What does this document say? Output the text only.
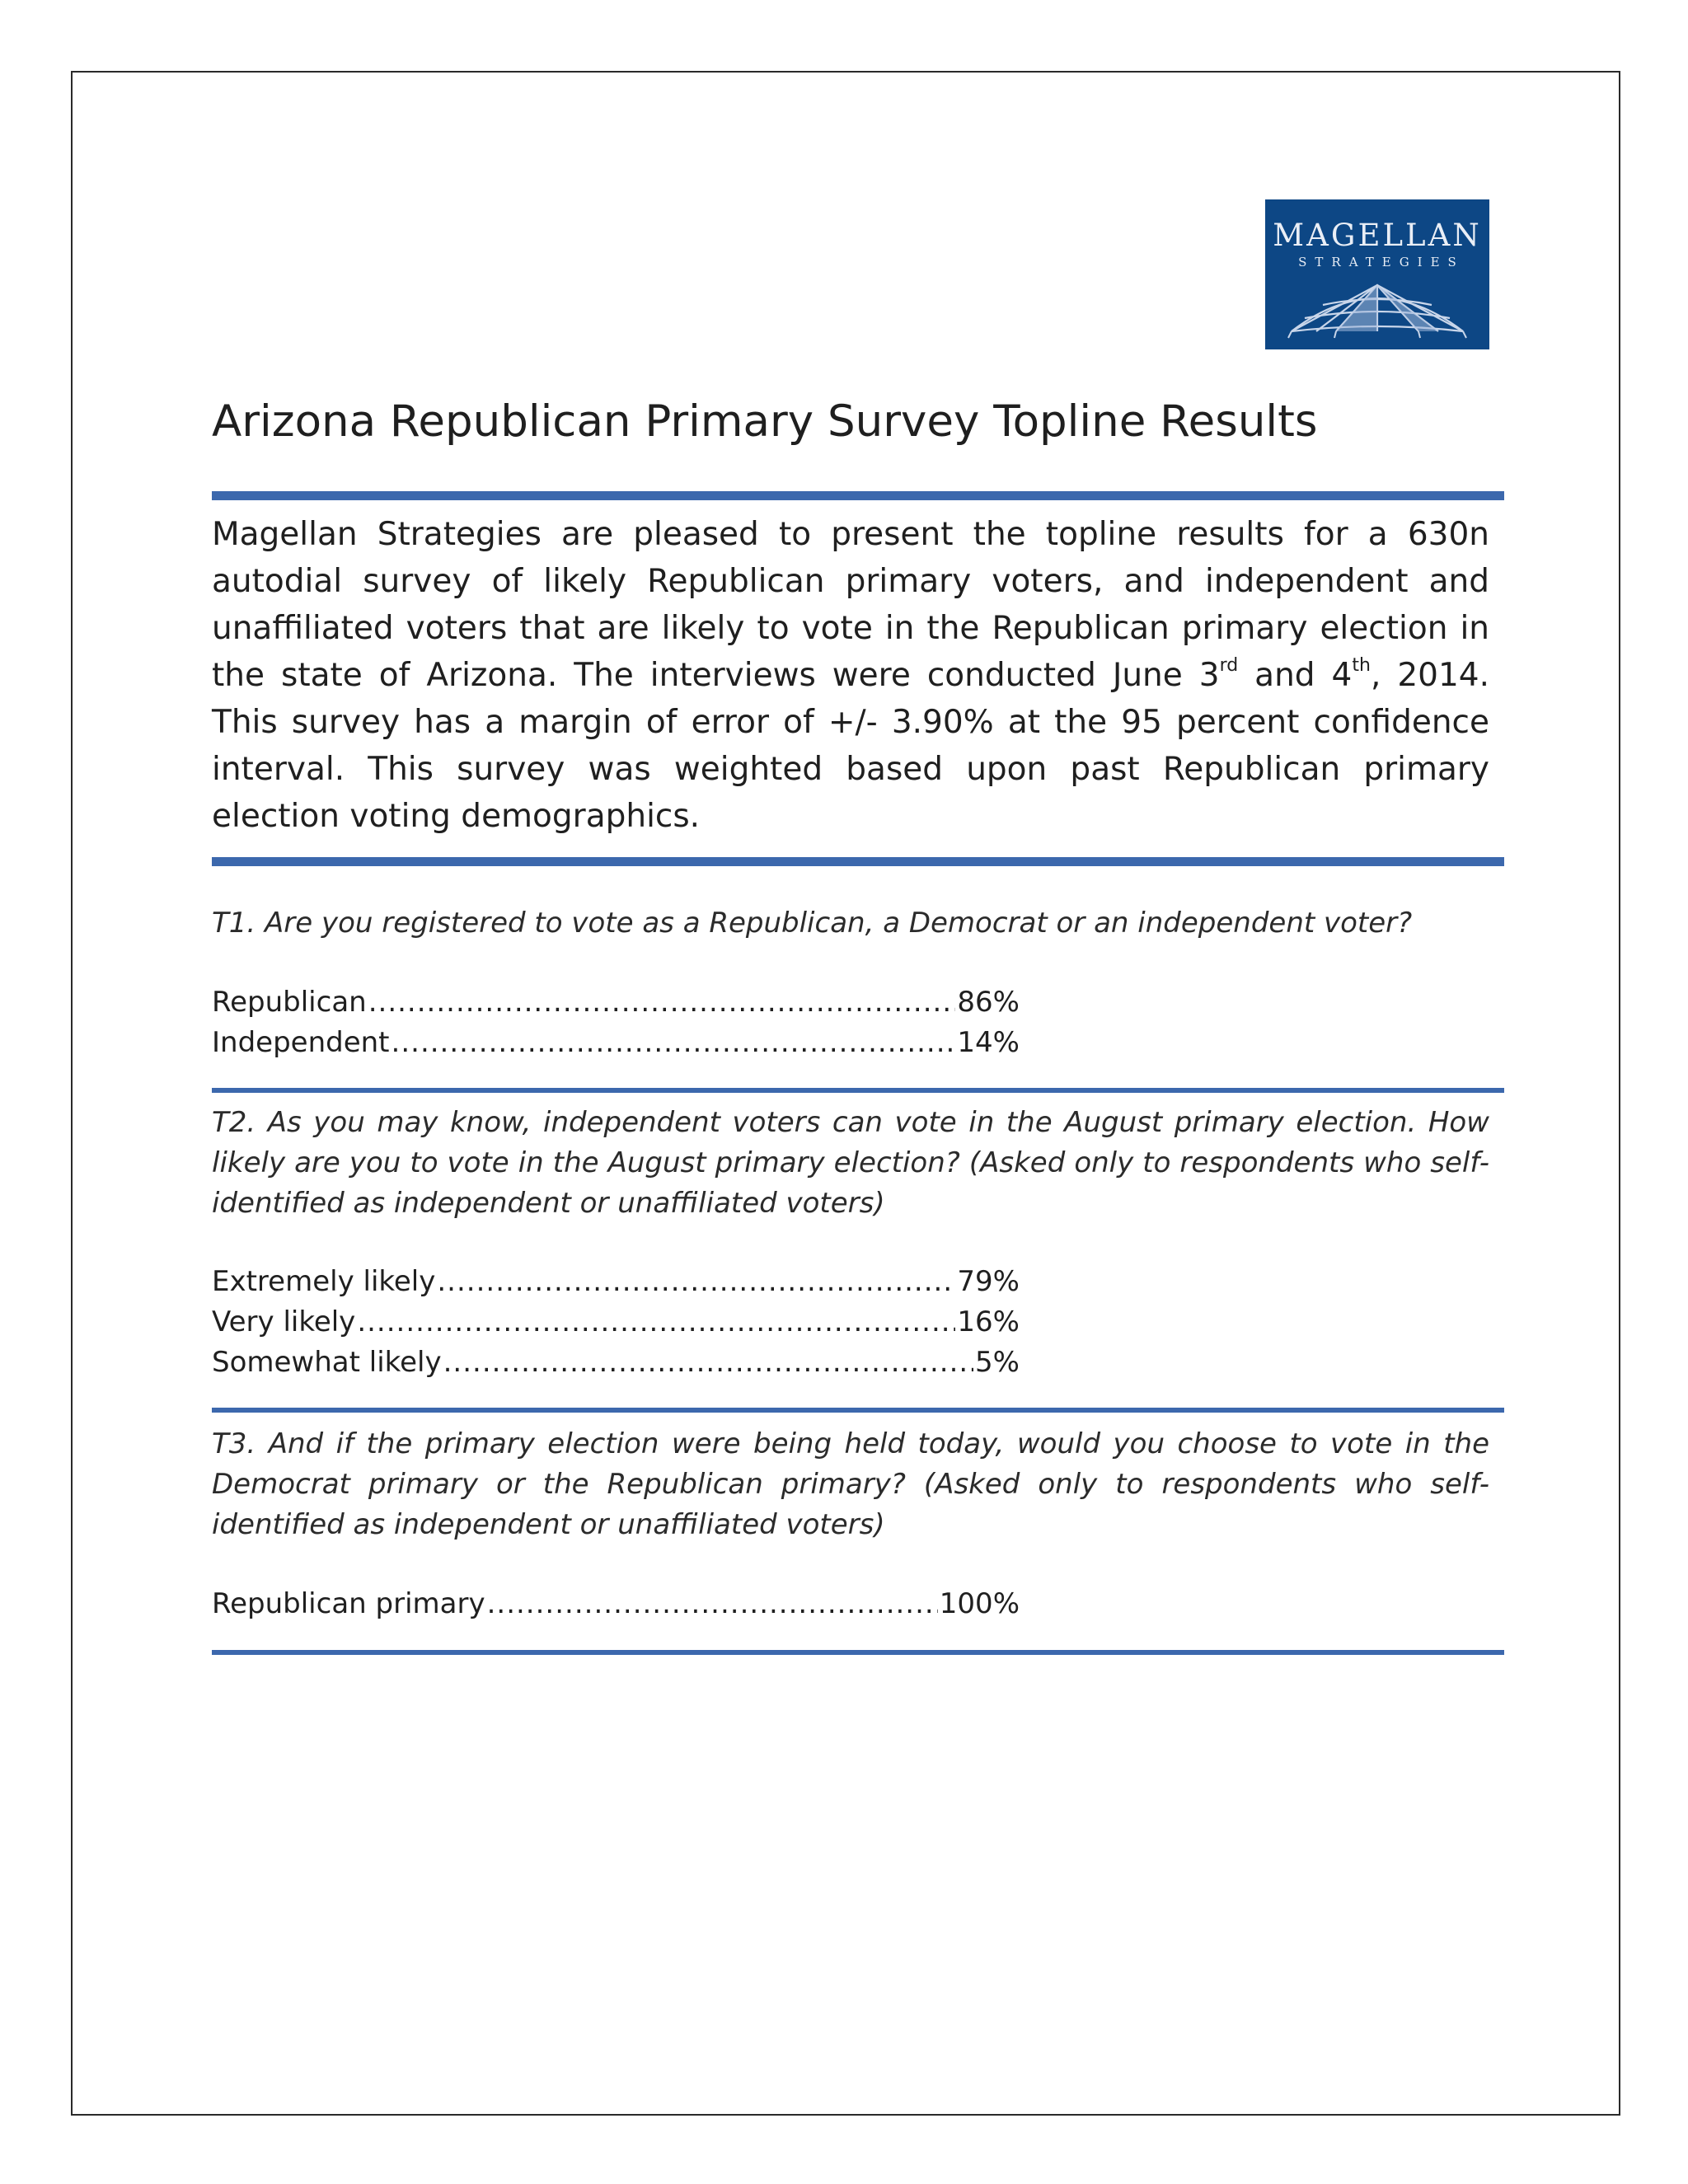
MAGELLAN
STRATEGIES
Arizona Republican Primary Survey Topline Results
Magellan Strategies are pleased to present the topline results for a 630n autodial survey of likely Republican primary voters, and independent and unaffiliated voters that are likely to vote in the Republican primary election in the state of Arizona. The interviews were conducted June 3rd and 4th, 2014. This survey has a margin of error of +/- 3.90% at the 95 percent confidence interval. This survey was weighted based upon past Republican primary election voting demographics.
T1. Are you registered to vote as a Republican, a Democrat or an independent voter?
Republican .....	86%
Independent .....	14%
T2. As you may know, independent voters can vote in the August primary election. How likely are you to vote in the August primary election? (Asked only to respondents who self-identified as independent or unaffiliated voters)
Extremely likely .....	79%
Very likely .....	16%
Somewhat likely .....	5%
T3. And if the primary election were being held today, would you choose to vote in the Democrat primary or the Republican primary? (Asked only to respondents who self-identified as independent or unaffiliated voters)
Republican primary .....	100%
